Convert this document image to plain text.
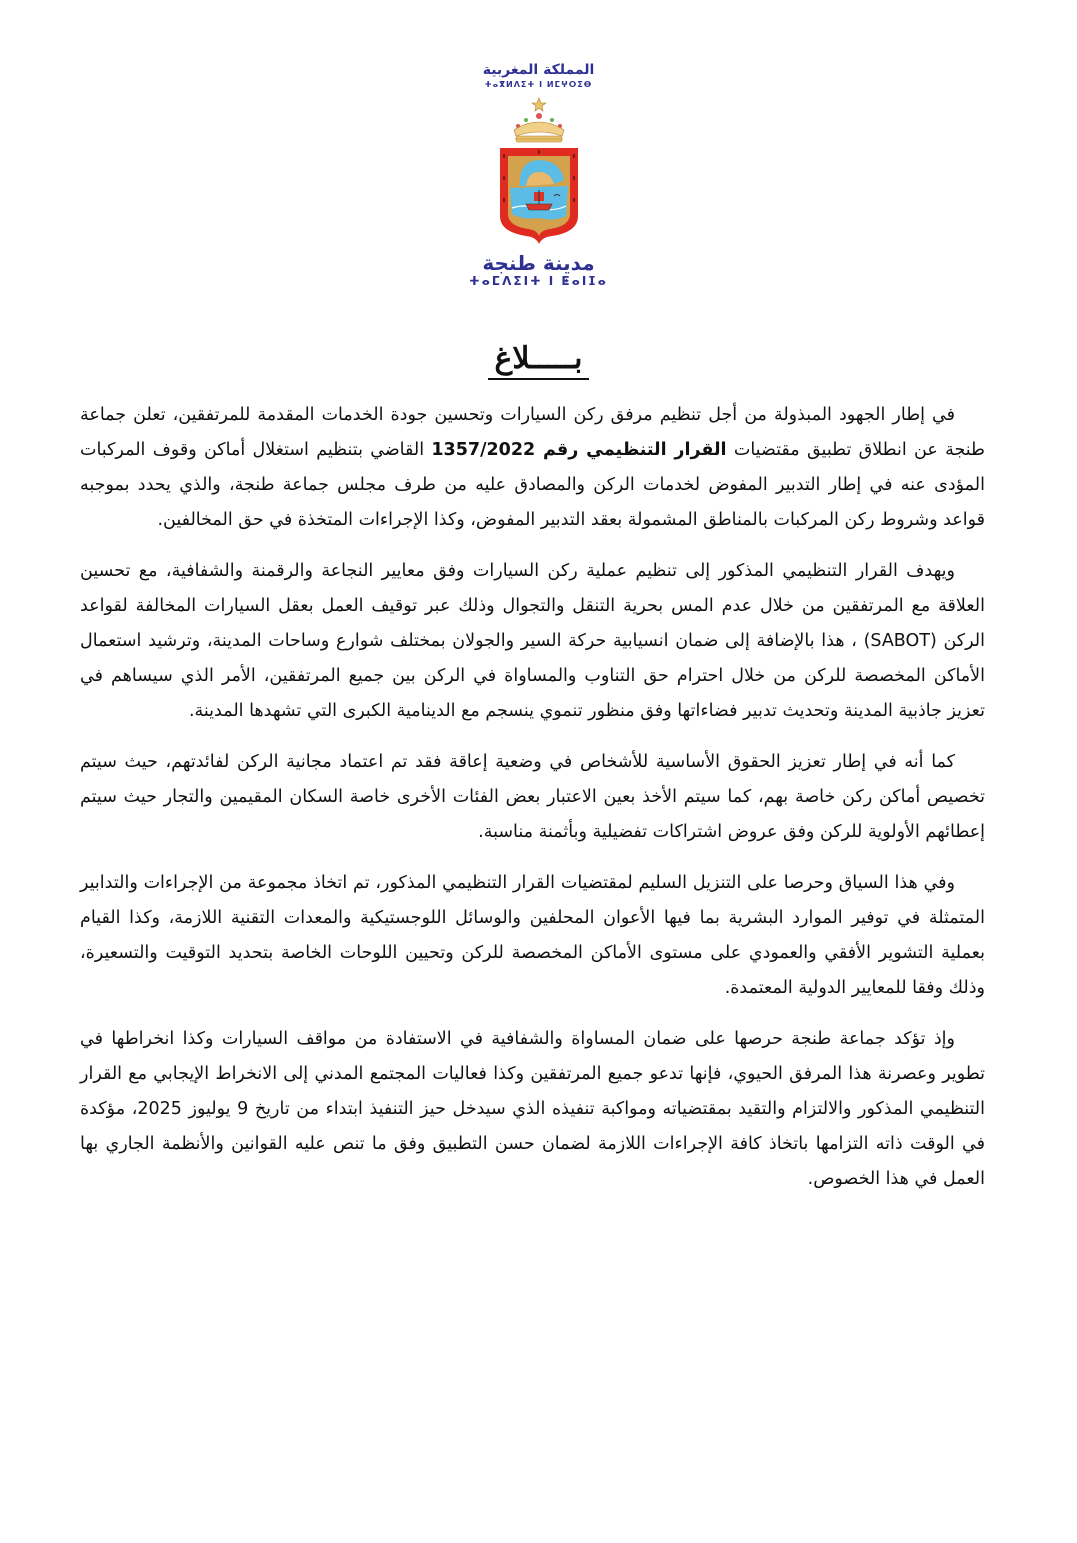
المملكة المغربية
ⵜⴰⴳⵍⴷⵉⵜ ⵏ ⵍⵎⵖⵔⵉⴱ
مدينة طنجة
ⵜⴰⵎⴷⵉⵏⵜ ⵏ ⵟⴰⵏⵊⴰ
بـــــلاغ

في إطار الجهود المبذولة من أجل تنظيم مرفق ركن السيارات وتحسين جودة الخدمات المقدمة للمرتفقين، تعلن جماعة طنجة عن انطلاق تطبيق مقتضيات القرار التنظيمي رقم 1357/2022 القاضي بتنظيم استغلال أماكن وقوف المركبات المؤدى عنه في إطار التدبير المفوض لخدمات الركن والمصادق عليه من طرف مجلس جماعة طنجة، والذي يحدد بموجبه قواعد وشروط ركن المركبات بالمناطق المشمولة بعقد التدبير المفوض، وكذا الإجراءات المتخذة في حق المخالفين.

ويهدف القرار التنظيمي المذكور إلى تنظيم عملية ركن السيارات وفق معايير النجاعة والرقمنة والشفافية، مع تحسين العلاقة مع المرتفقين من خلال عدم المس بحرية التنقل والتجوال وذلك عبر توقيف العمل بعقل السيارات المخالفة لقواعد الركن (SABOT) ، هذا بالإضافة إلى ضمان انسيابية حركة السير والجولان بمختلف شوارع وساحات المدينة، وترشيد استعمال الأماكن المخصصة للركن من خلال احترام حق التناوب والمساواة في الركن بين جميع المرتفقين، الأمر الذي سيساهم في تعزيز جاذبية المدينة وتحديث تدبير فضاءاتها وفق منظور تنموي ينسجم مع الدينامية الكبرى التي تشهدها المدينة.

كما أنه في إطار تعزيز الحقوق الأساسية للأشخاص في وضعية إعاقة فقد تم اعتماد مجانية الركن لفائدتهم، حيث سيتم تخصيص أماكن ركن خاصة بهم، كما سيتم الأخذ بعين الاعتبار بعض الفئات الأخرى خاصة السكان المقيمين والتجار حيث سيتم إعطائهم الأولوية للركن وفق عروض اشتراكات تفضيلية وبأثمنة مناسبة.

وفي هذا السياق وحرصا على التنزيل السليم لمقتضيات القرار التنظيمي المذكور، تم اتخاذ مجموعة من الإجراءات والتدابير المتمثلة في توفير الموارد البشرية بما فيها الأعوان المحلفين والوسائل اللوجستيكية والمعدات التقنية اللازمة، وكذا القيام بعملية التشوير الأفقي والعمودي على مستوى الأماكن المخصصة للركن وتحيين اللوحات الخاصة بتحديد التوقيت والتسعيرة، وذلك وفقا للمعايير الدولية المعتمدة.

وإذ تؤكد جماعة طنجة حرصها على ضمان المساواة والشفافية في الاستفادة من مواقف السيارات وكذا انخراطها في تطوير وعصرنة هذا المرفق الحيوي، فإنها تدعو جميع المرتفقين وكذا فعاليات المجتمع المدني إلى الانخراط الإيجابي مع القرار التنظيمي المذكور والالتزام والتقيد بمقتضياته ومواكبة تنفيذه الذي سيدخل حيز التنفيذ ابتداء من تاريخ 9 يوليوز 2025، مؤكدة في الوقت ذاته التزامها باتخاذ كافة الإجراءات اللازمة لضمان حسن التطبيق وفق ما تنص عليه القوانين والأنظمة الجاري بها العمل في هذا الخصوص.
